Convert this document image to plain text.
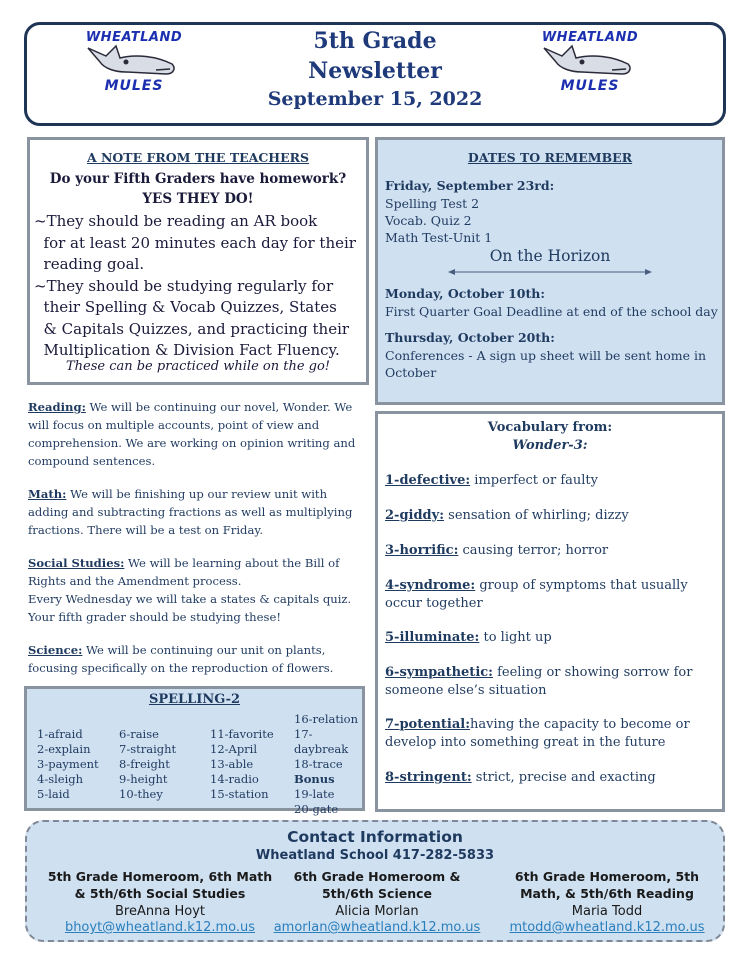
WHEATLAND
MULES
WHEATLAND
MULES
5th Grade
Newsletter
September 15, 2022
A NOTE FROM THE TEACHERS
Do your Fifth Graders have homework?
YES THEY DO!
~They should be reading an AR book
for at least 20 minutes each day for their
reading goal.
~They should be studying regularly for
their Spelling & Vocab Quizzes, States
& Capitals Quizzes, and practicing their
Multiplication & Division Fact Fluency.
These can be practiced while on the go!
DATES TO REMEMBER
Friday, September 23rd:
Spelling Test 2
Vocab. Quiz 2
Math Test-Unit 1
On the Horizon
Monday, October 10th:
First Quarter Goal Deadline at end of the school day
Thursday, October 20th:
Conferences - A sign up sheet will be sent home in
October
Reading: We will be continuing our novel, Wonder. We will focus on multiple accounts, point of view and comprehension. We are working on opinion writing and compound sentences.
Math: We will be finishing up our review unit with adding and subtracting fractions as well as multiplying fractions. There will be a test on Friday.
Social Studies: We will be learning about the Bill of Rights and the Amendment process.
Every Wednesday we will take a states & capitals quiz. Your fifth grader should be studying these!
Science: We will be continuing our unit on plants, focusing specifically on the reproduction of flowers.
SPELLING-2
1-afraid
2-explain
3-payment
4-sleigh
5-laid
6-raise
7-straight
8-freight
9-height
10-they
11-favorite
12-April
13-able
14-radio
15-station
16-relation
17-daybreak
18-trace
Bonus
19-late
20-gate
Vocabulary from:
Wonder-3:
1-defective: imperfect or faulty
2-giddy: sensation of whirling; dizzy
3-horrific: causing terror; horror
4-syndrome: group of symptoms that usually occur together
5-illuminate: to light up
6-sympathetic: feeling or showing sorrow for someone else’s situation
7-potential:having the capacity to become or develop into something great in the future
8-stringent: strict, precise and exacting
Contact Information
Wheatland School 417-282-5833
5th Grade Homeroom, 6th Math
& 5th/6th Social Studies
BreAnna Hoyt
bhoyt@wheatland.k12.mo.us
6th Grade Homeroom &
5th/6th Science
Alicia Morlan
amorlan@wheatland.k12.mo.us
6th Grade Homeroom, 5th
Math, & 5th/6th Reading
Maria Todd
mtodd@wheatland.k12.mo.us
